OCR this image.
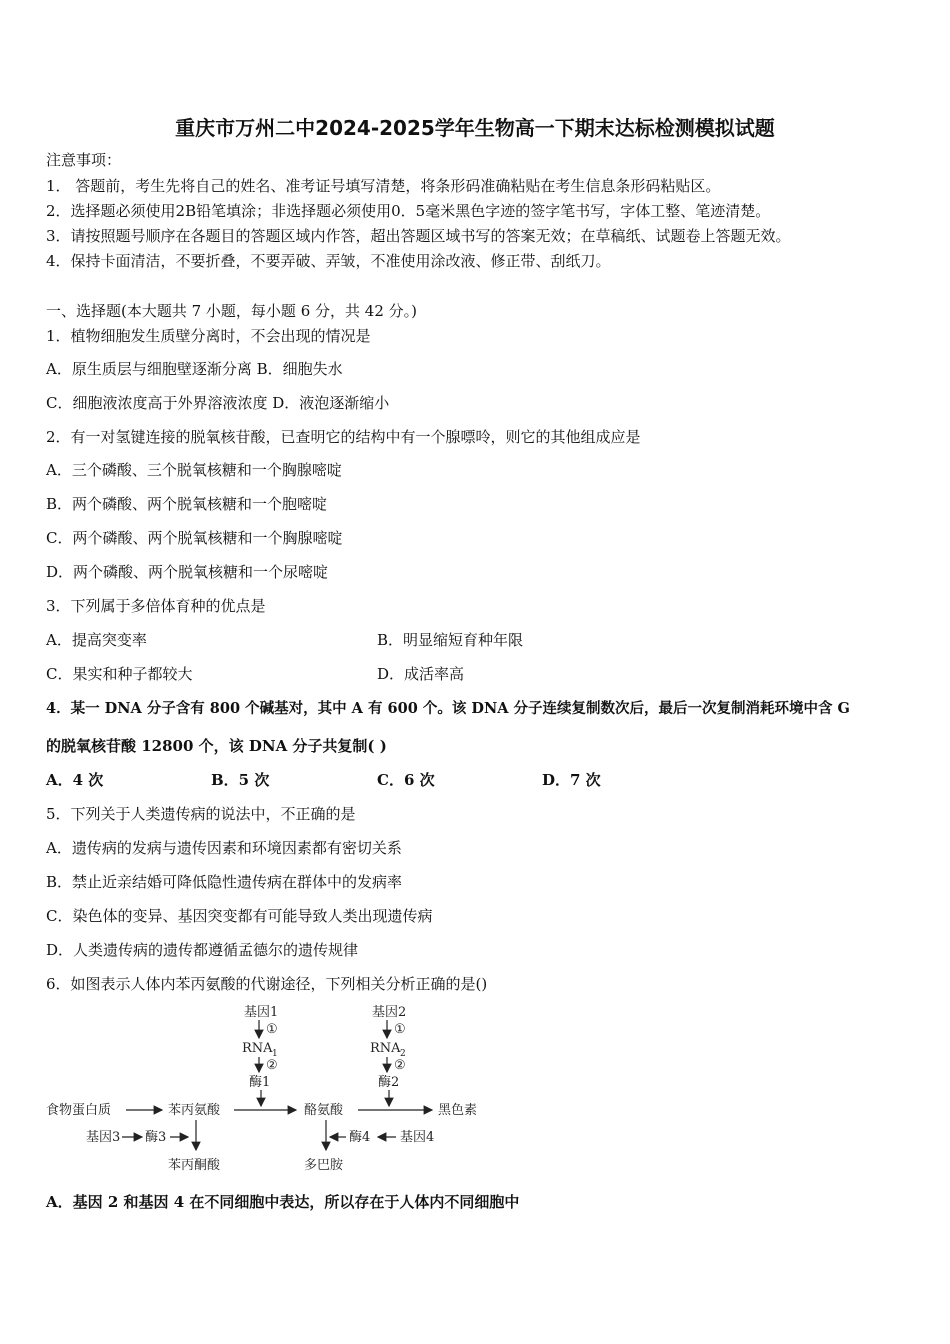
重庆市万州二中2024-2025学年生物高一下期末达标检测模拟试题
注意事项：
1． 答题前，考生先将自己的姓名、准考证号填写清楚，将条形码准确粘贴在考生信息条形码粘贴区。
2．选择题必须使用2B铅笔填涂；非选择题必须使用0．5毫米黑色字迹的签字笔书写，字体工整、笔迹清楚。
3．请按照题号顺序在各题目的答题区域内作答，超出答题区域书写的答案无效；在草稿纸、试题卷上答题无效。
4．保持卡面清洁，不要折叠，不要弄破、弄皱，不准使用涂改液、修正带、刮纸刀。
一、选择题(本大题共 7 小题，每小题 6 分，共 42 分。)
1．植物细胞发生质壁分离时，不会出现的情况是
A．原生质层与细胞壁逐渐分离 B．细胞失水
C．细胞液浓度高于外界溶液浓度 D．液泡逐渐缩小
2．有一对氢键连接的脱氧核苷酸，已查明它的结构中有一个腺嘌呤，则它的其他组成应是
A．三个磷酸、三个脱氧核糖和一个胸腺嘧啶
B．两个磷酸、两个脱氧核糖和一个胞嘧啶
C．两个磷酸、两个脱氧核糖和一个胸腺嘧啶
D．两个磷酸、两个脱氧核糖和一个尿嘧啶
3．下列属于多倍体育种的优点是
A．提高突变率	B．明显缩短育种年限
C．果实和种子都较大	D．成活率高
4．某一 DNA 分子含有 800 个碱基对，其中 A 有 600 个。该 DNA 分子连续复制数次后，最后一次复制消耗环境中含 G
的脱氧核苷酸 12800 个，该 DNA 分子共复制( )
A．4 次	B．5 次	C．6 次	D．7 次
5．下列关于人类遗传病的说法中，不正确的是
A．遗传病的发病与遗传因素和环境因素都有密切关系
B．禁止近亲结婚可降低隐性遗传病在群体中的发病率
C．染色体的变异、基因突变都有可能导致人类出现遗传病
D．人类遗传病的遗传都遵循孟德尔的遗传规律
6．如图表示人体内苯丙氨酸的代谢途径，下列相关分析正确的是()
基因1
①
RNA 1
②
酶1
基因2
①
RNA 2
②
酶2
食物蛋白质	苯丙氨酸	酪氨酸	黑色素
基因3 酶3
苯丙酮酸
酶4 基因4
多巴胺
A．基因 2 和基因 4 在不同细胞中表达，所以存在于人体内不同细胞中
